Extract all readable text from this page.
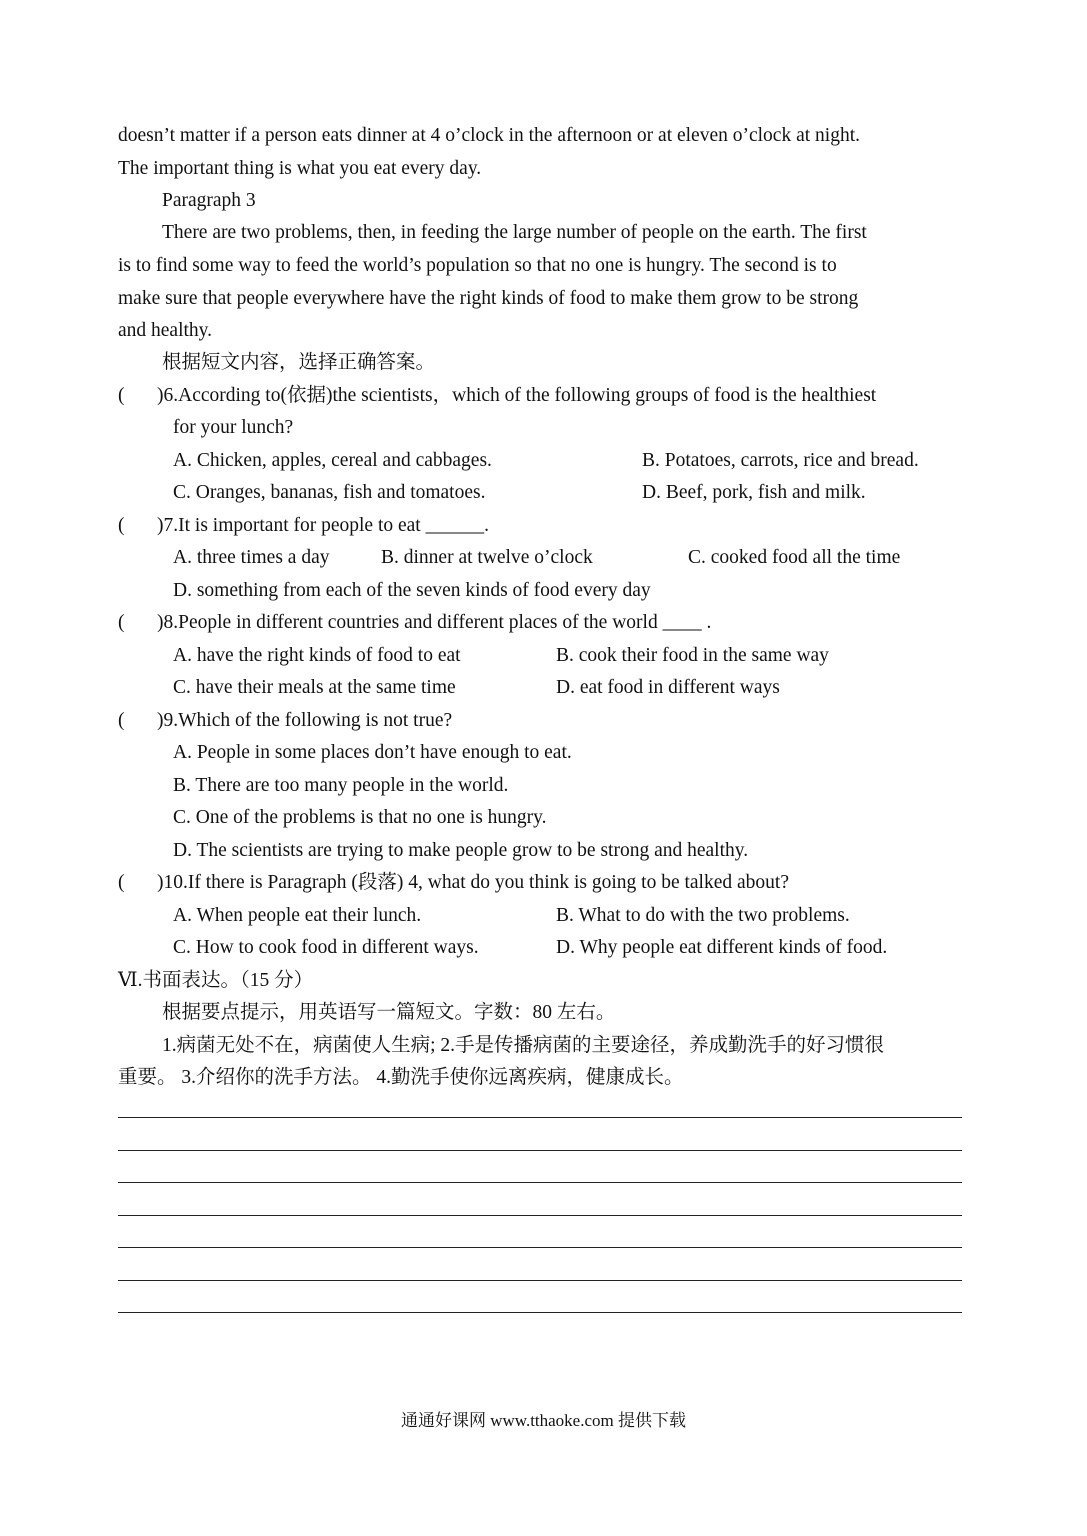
doesn’t matter if a person eats dinner at 4 o’clock in the afternoon or at eleven o’clock at night.
The important thing is what you eat every day.
Paragraph 3
There are two problems, then, in feeding the large number of people on the earth. The first
is to find some way to feed the world’s population so that no one is hungry. The second is to
make sure that people everywhere have the right kinds of food to make them grow to be strong
and healthy.
根据短文内容，选择正确答案。
( )6.According to(依据)the scientists，which of the following groups of food is the healthiest
for your lunch?
A. Chicken, apples, cereal and cabbages.	B. Potatoes, carrots, rice and bread.
C. Oranges, bananas, fish and tomatoes.	D. Beef, pork, fish and milk.
( )7.It is important for people to eat ______.
A. three times a day	B. dinner at twelve o’clock	C. cooked food all the time
D. something from each of the seven kinds of food every day
( )8.People in different countries and different places of the world ____ .
A. have the right kinds of food to eat	B. cook their food in the same way
C. have their meals at the same time	D. eat food in different ways
( )9.Which of the following is not true?
A. People in some places don’t have enough to eat.
B. There are too many people in the world.
C. One of the problems is that no one is hungry.
D. The scientists are trying to make people grow to be strong and healthy.
( )10.If there is Paragraph (段落) 4, what do you think is going to be talked about?
A. When people eat their lunch.	B. What to do with the two problems.
C. How to cook food in different ways.	D. Why people eat different kinds of food.
Ⅵ.书面表达。（15 分）
根据要点提示，用英语写一篇短文。字数：80 左右。
1.病菌无处不在，病菌使人生病; 2.手是传播病菌的主要途径，养成勤洗手的好习惯很
重要。 3.介绍你的洗手方法。 4.勤洗手使你远离疾病，健康成长。
通通好课网 www.tthaoke.com 提供下载
